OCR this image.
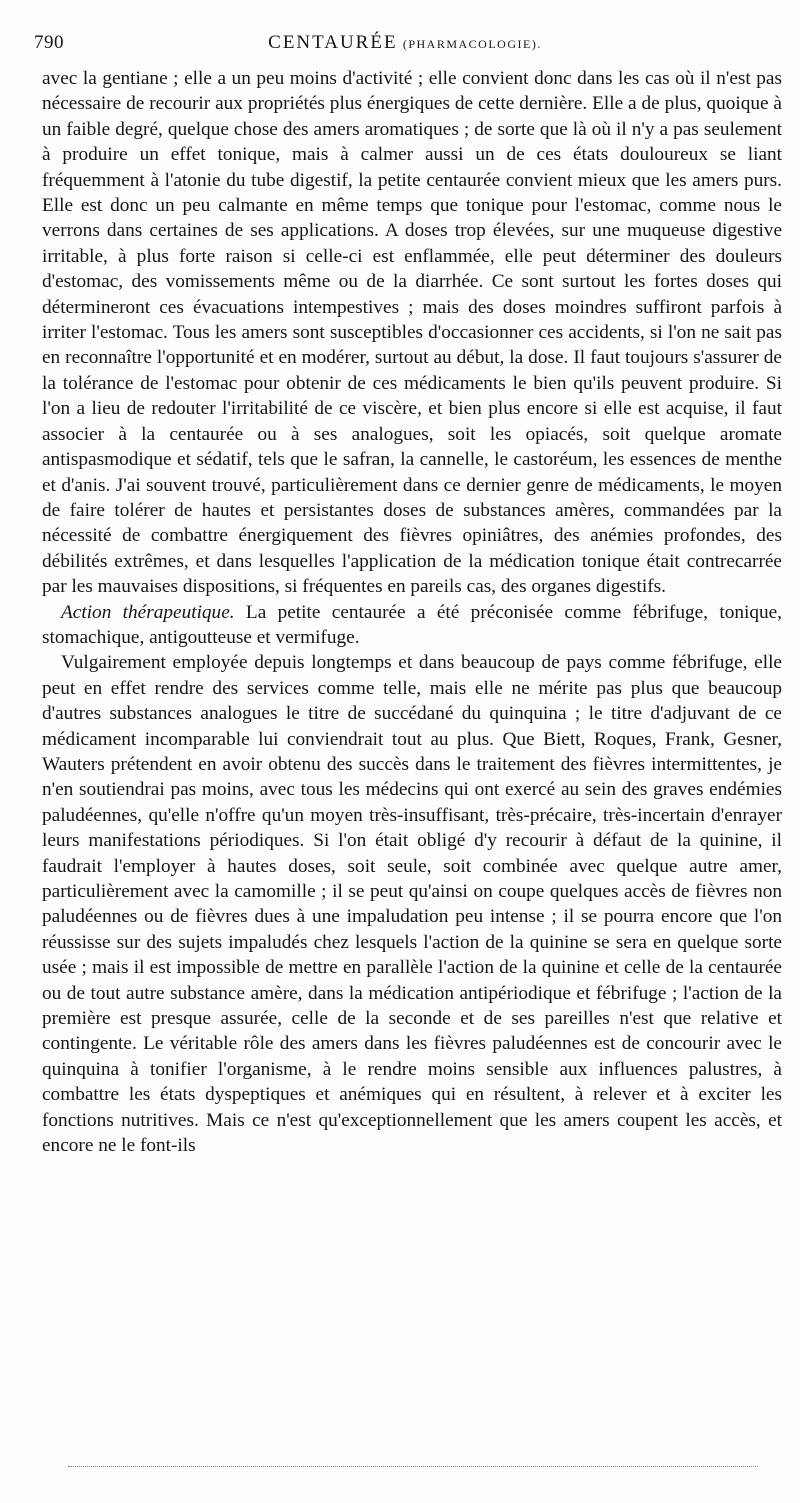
790	CENTAURÉE (PHARMACOLOGIE).

avec la gentiane ; elle a un peu moins d'activité ; elle convient donc dans les cas où il n'est pas nécessaire de recourir aux propriétés plus énergiques de cette dernière. Elle a de plus, quoique à un faible degré, quelque chose des amers aromatiques ; de sorte que là où il n'y a pas seulement à produire un effet tonique, mais à calmer aussi un de ces états douloureux se liant fréquemment à l'atonie du tube digestif, la petite centaurée convient mieux que les amers purs. Elle est donc un peu calmante en même temps que tonique pour l'estomac, comme nous le verrons dans certaines de ses applications. A doses trop élevées, sur une muqueuse digestive irritable, à plus forte raison si celle-ci est enflammée, elle peut déterminer des douleurs d'estomac, des vomissements même ou de la diarrhée. Ce sont surtout les fortes doses qui détermineront ces évacuations intempestives ; mais des doses moindres suffiront parfois à irriter l'estomac. Tous les amers sont susceptibles d'occasionner ces accidents, si l'on ne sait pas en reconnaître l'opportunité et en modérer, surtout au début, la dose. Il faut toujours s'assurer de la tolérance de l'estomac pour obtenir de ces médicaments le bien qu'ils peuvent produire. Si l'on a lieu de redouter l'irritabilité de ce viscère, et bien plus encore si elle est acquise, il faut associer à la centaurée ou à ses analogues, soit les opiacés, soit quelque aromate antispasmodique et sédatif, tels que le safran, la cannelle, le castoréum, les essences de menthe et d'anis. J'ai souvent trouvé, particulièrement dans ce dernier genre de médicaments, le moyen de faire tolérer de hautes et persistantes doses de substances amères, commandées par la nécessité de combattre énergiquement des fièvres opiniâtres, des anémies profondes, des débilités extrêmes, et dans lesquelles l'application de la médication tonique était contrecarrée par les mauvaises dispositions, si fréquentes en pareils cas, des organes digestifs.

Action thérapeutique. La petite centaurée a été préconisée comme fébrifuge, tonique, stomachique, antigoutteuse et vermifuge.

Vulgairement employée depuis longtemps et dans beaucoup de pays comme fébrifuge, elle peut en effet rendre des services comme telle, mais elle ne mérite pas plus que beaucoup d'autres substances analogues le titre de succédané du quinquina ; le titre d'adjuvant de ce médicament incomparable lui conviendrait tout au plus. Que Biett, Roques, Frank, Gesner, Wauters prétendent en avoir obtenu des succès dans le traitement des fièvres intermittentes, je n'en soutiendrai pas moins, avec tous les médecins qui ont exercé au sein des graves endémies paludéennes, qu'elle n'offre qu'un moyen très-insuffisant, très-précaire, très-incertain d'enrayer leurs manifestations périodiques. Si l'on était obligé d'y recourir à défaut de la quinine, il faudrait l'employer à hautes doses, soit seule, soit combinée avec quelque autre amer, particulièrement avec la camomille ; il se peut qu'ainsi on coupe quelques accès de fièvres non paludéennes ou de fièvres dues à une impaludation peu intense ; il se pourra encore que l'on réussisse sur des sujets impaludés chez lesquels l'action de la quinine se sera en quelque sorte usée ; mais il est impossible de mettre en parallèle l'action de la quinine et celle de la centaurée ou de tout autre substance amère, dans la médication antipériodique et fébrifuge ; l'action de la première est presque assurée, celle de la seconde et de ses pareilles n'est que relative et contingente. Le véritable rôle des amers dans les fièvres paludéennes est de concourir avec le quinquina à tonifier l'organisme, à le rendre moins sensible aux influences palustres, à combattre les états dyspeptiques et anémiques qui en résultent, à relever et à exciter les fonctions nutritives. Mais ce n'est qu'exceptionnellement que les amers coupent les accès, et encore ne le font-ils
